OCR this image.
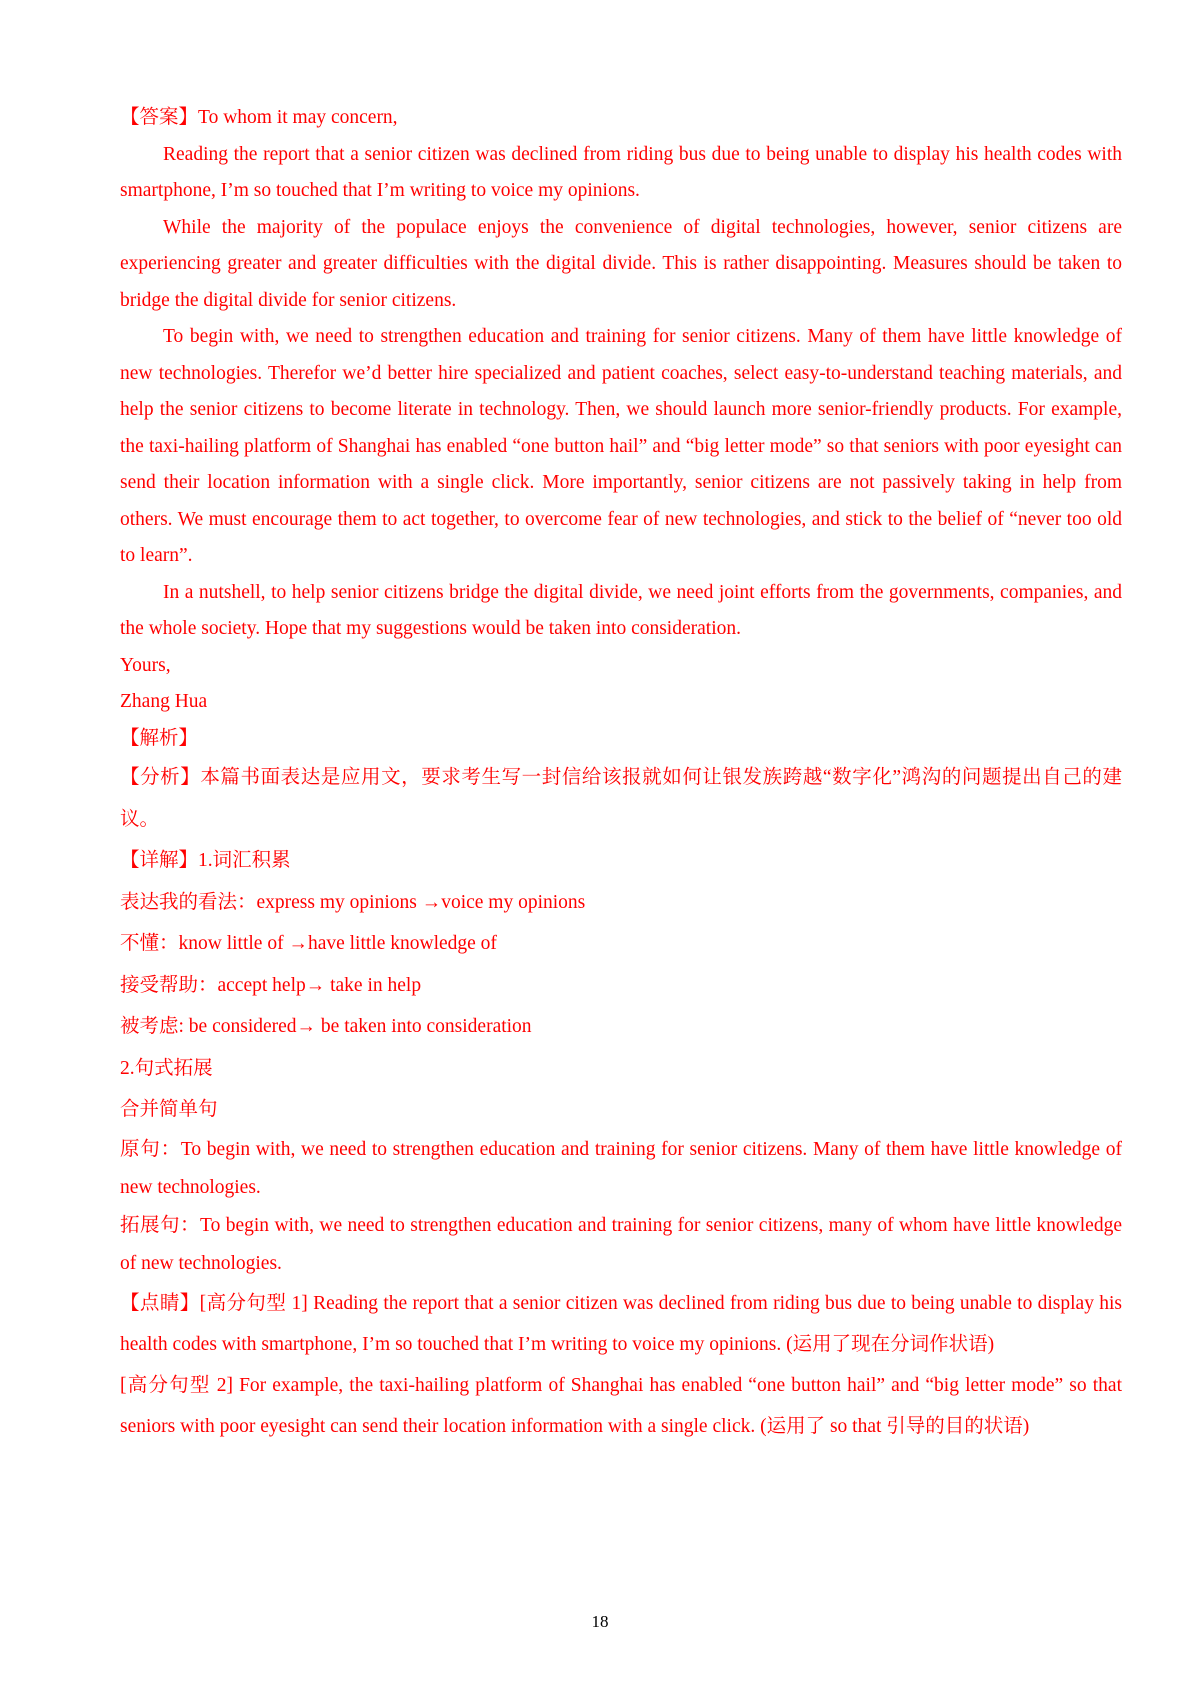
【答案】To whom it may concern,
Reading the report that a senior citizen was declined from riding bus due to being unable to display his health codes with smartphone, I’m so touched that I’m writing to voice my opinions.
While the majority of the populace enjoys the convenience of digital technologies, however, senior citizens are experiencing greater and greater difficulties with the digital divide. This is rather disappointing. Measures should be taken to bridge the digital divide for senior citizens.
To begin with, we need to strengthen education and training for senior citizens. Many of them have little knowledge of new technologies. Therefor we’d better hire specialized and patient coaches, select easy-to-understand teaching materials, and help the senior citizens to become literate in technology. Then, we should launch more senior-friendly products. For example, the taxi-hailing platform of Shanghai has enabled “one button hail” and “big letter mode” so that seniors with poor eyesight can send their location information with a single click. More importantly, senior citizens are not passively taking in help from others. We must encourage them to act together, to overcome fear of new technologies, and stick to the belief of “never too old to learn”.
In a nutshell, to help senior citizens bridge the digital divide, we need joint efforts from the governments, companies, and the whole society. Hope that my suggestions would be taken into consideration.
Yours,
Zhang Hua
【解析】
【分析】本篇书面表达是应用文，要求考生写一封信给该报就如何让银发族跨越“数字化”鸿沟的问题提出自己的建议。
【详解】1.词汇积累
表达我的看法：express my opinions →voice my opinions
不懂：know little of →have little knowledge of
接受帮助：accept help→ take in help
被考虑: be considered→ be taken into consideration
2.句式拓展
合并简单句
原句：To begin with, we need to strengthen education and training for senior citizens. Many of them have little knowledge of new technologies.
拓展句：To begin with, we need to strengthen education and training for senior citizens, many of whom have little knowledge of new technologies.
【点睛】[高分句型 1] Reading the report that a senior citizen was declined from riding bus due to being unable to display his health codes with smartphone, I’m so touched that I’m writing to voice my opinions. (运用了现在分词作状语)
[高分句型 2] For example, the taxi-hailing platform of Shanghai has enabled “one button hail” and “big letter mode” so that seniors with poor eyesight can send their location information with a single click. (运用了 so that 引导的目的状语)
18
